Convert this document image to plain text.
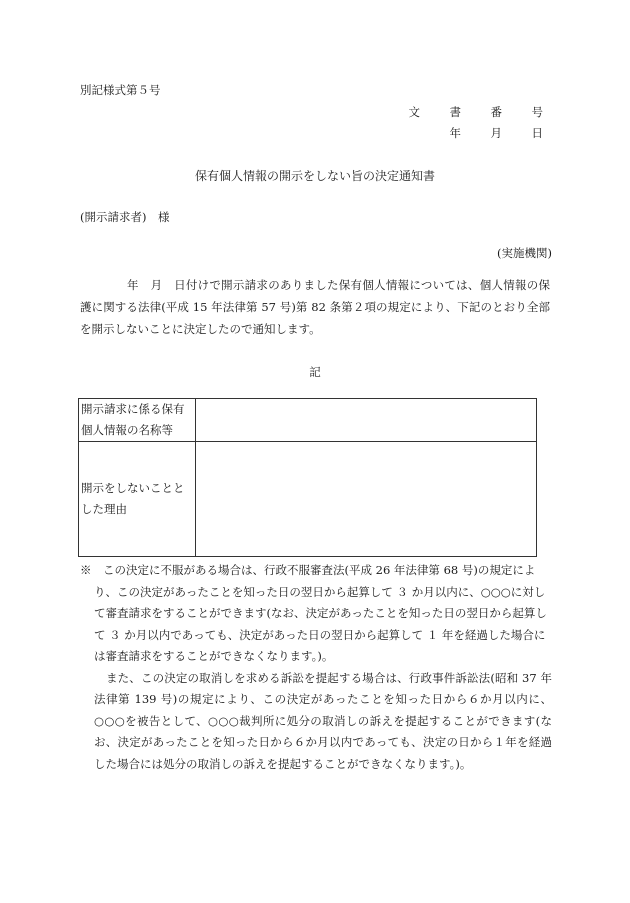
別記様式第５号
文　書　番　号
年　月　日
保有個人情報の開示をしない旨の決定通知書
(開示請求者)　様
(実施機関)
　　　　年　月　日付けで開示請求のありました保有個人情報については、個人情報の保護に関する法律(平成 15 年法律第 57 号)第 82 条第２項の規定により、下記のとおり全部を開示しないことに決定したので通知します。
記
開示請求に係る保有個人情報の名称等	
開示をしないこととした理由	
※　この決定に不服がある場合は、行政不服審査法(平成 26 年法律第 68 号)の規定により、この決定があったことを知った日の翌日から起算して ３ か月以内に、○○○に対して審査請求をすることができます(なお、決定があったことを知った日の翌日から起算して ３ か月以内であっても、決定があった日の翌日から起算して １ 年を経過した場合には審査請求をすることができなくなります。)。
また、この決定の取消しを求める訴訟を提起する場合は、行政事件訴訟法(昭和 37 年法律第 139 号)の規定により、この決定があったことを知った日から６か月以内に、○○○を被告として、○○○裁判所に処分の取消しの訴えを提起することができます(なお、決定があったことを知った日から６か月以内であっても、決定の日から１年を経過した場合には処分の取消しの訴えを提起することができなくなります。)。
